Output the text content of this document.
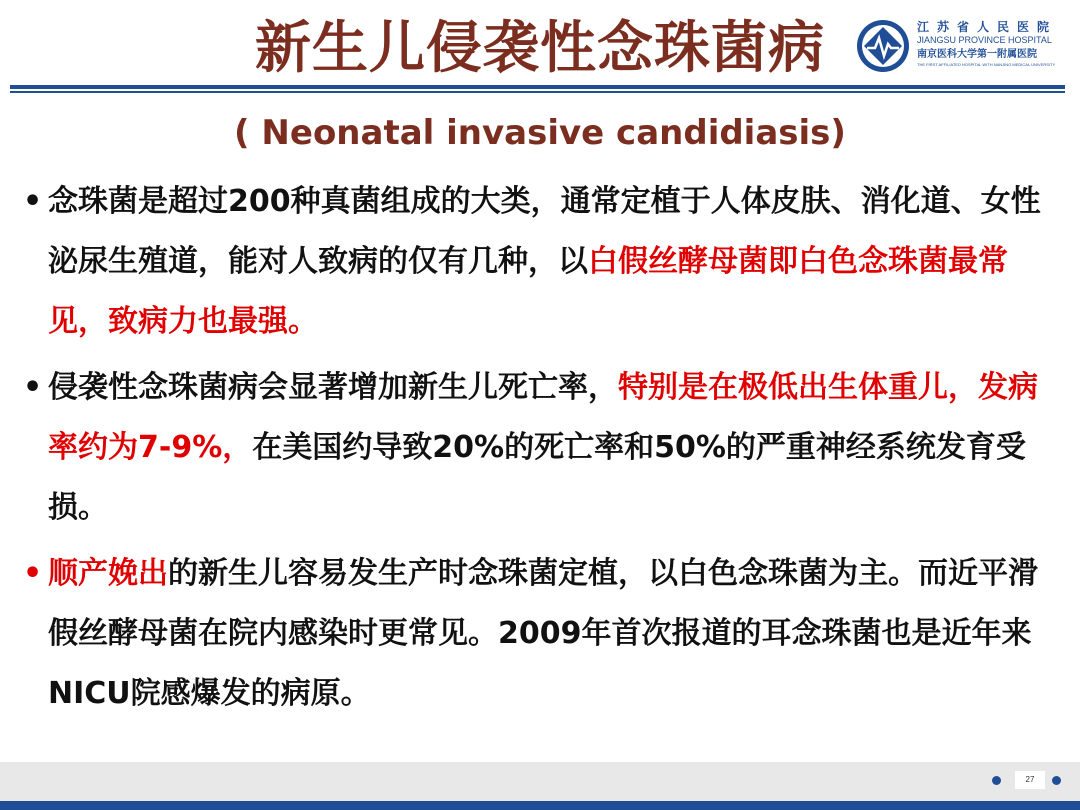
新生儿侵袭性念珠菌病	江苏省人民医院
JIANGSU PROVINCE HOSPITAL
南京医科大学第一附属医院
THE FIRST AFFILIATED HOSPITAL WITH NANJING MEDICAL UNIVERSITY
( Neonatal invasive candidiasis)
• 念珠菌是超过200种真菌组成的大类，通常定植于人体皮肤、消化道、女性泌尿生殖道，能对人致病的仅有几种，以白假丝酵母菌即白色念珠菌最常见，致病力也最强。
• 侵袭性念珠菌病会显著增加新生儿死亡率，特别是在极低出生体重儿，发病率约为7-9%，在美国约导致20%的死亡率和50%的严重神经系统发育受损。
• 顺产娩出的新生儿容易发生产时念珠菌定植，以白色念珠菌为主。而近平滑假丝酵母菌在院内感染时更常见。2009年首次报道的耳念珠菌也是近年来NICU院感爆发的病原。
27
